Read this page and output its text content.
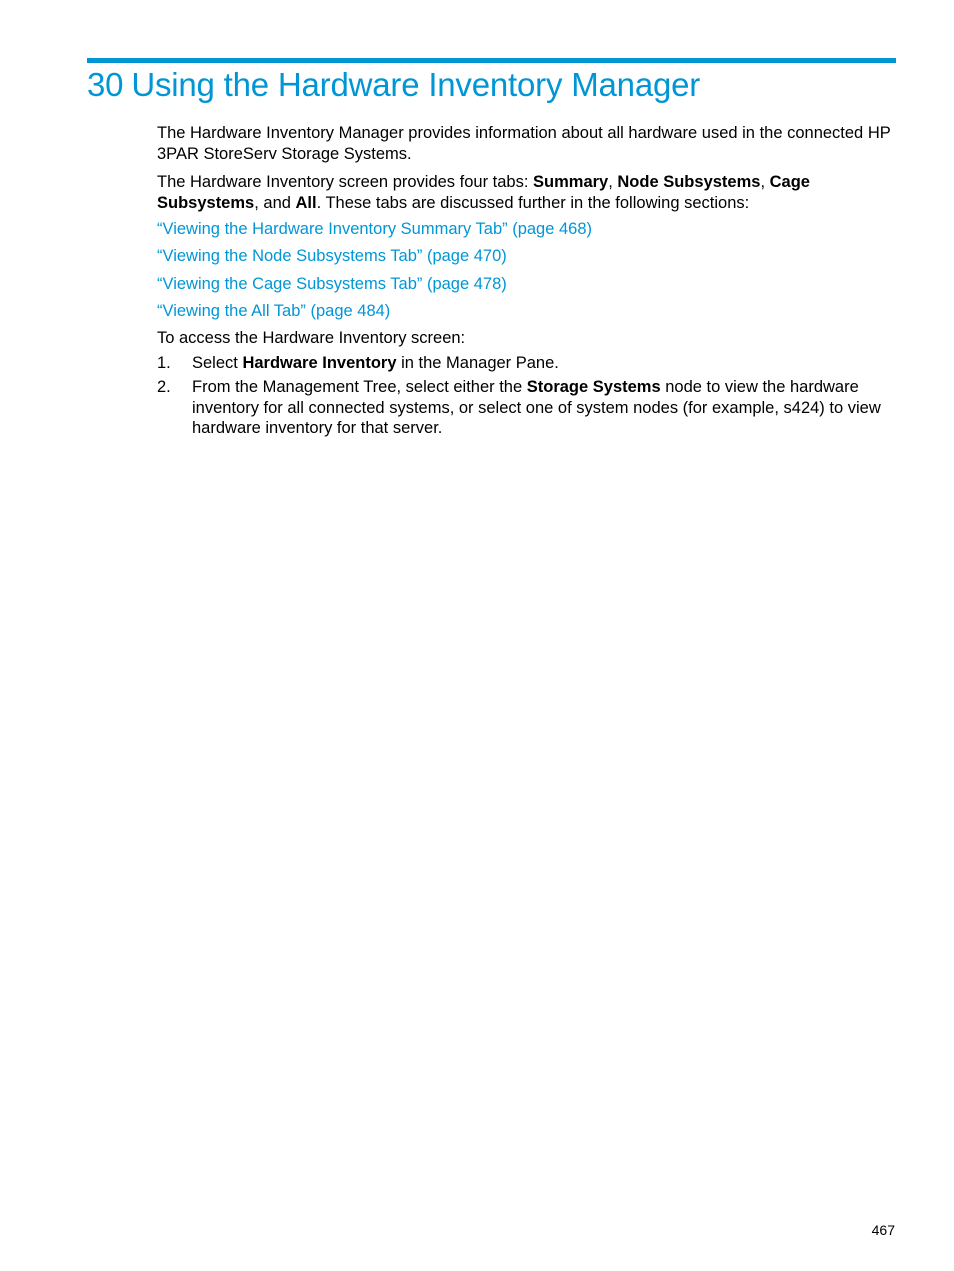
30 Using the Hardware Inventory Manager

The Hardware Inventory Manager provides information about all hardware used in the connected HP 3PAR StoreServ Storage Systems.

The Hardware Inventory screen provides four tabs: Summary, Node Subsystems, Cage Subsystems, and All. These tabs are discussed further in the following sections:

“Viewing the Hardware Inventory Summary Tab” (page 468)
“Viewing the Node Subsystems Tab” (page 470)
“Viewing the Cage Subsystems Tab” (page 478)
“Viewing the All Tab” (page 484)

To access the Hardware Inventory screen:

1. Select Hardware Inventory in the Manager Pane.
2. From the Management Tree, select either the Storage Systems node to view the hardware inventory for all connected systems, or select one of system nodes (for example, s424) to view hardware inventory for that server.
467
